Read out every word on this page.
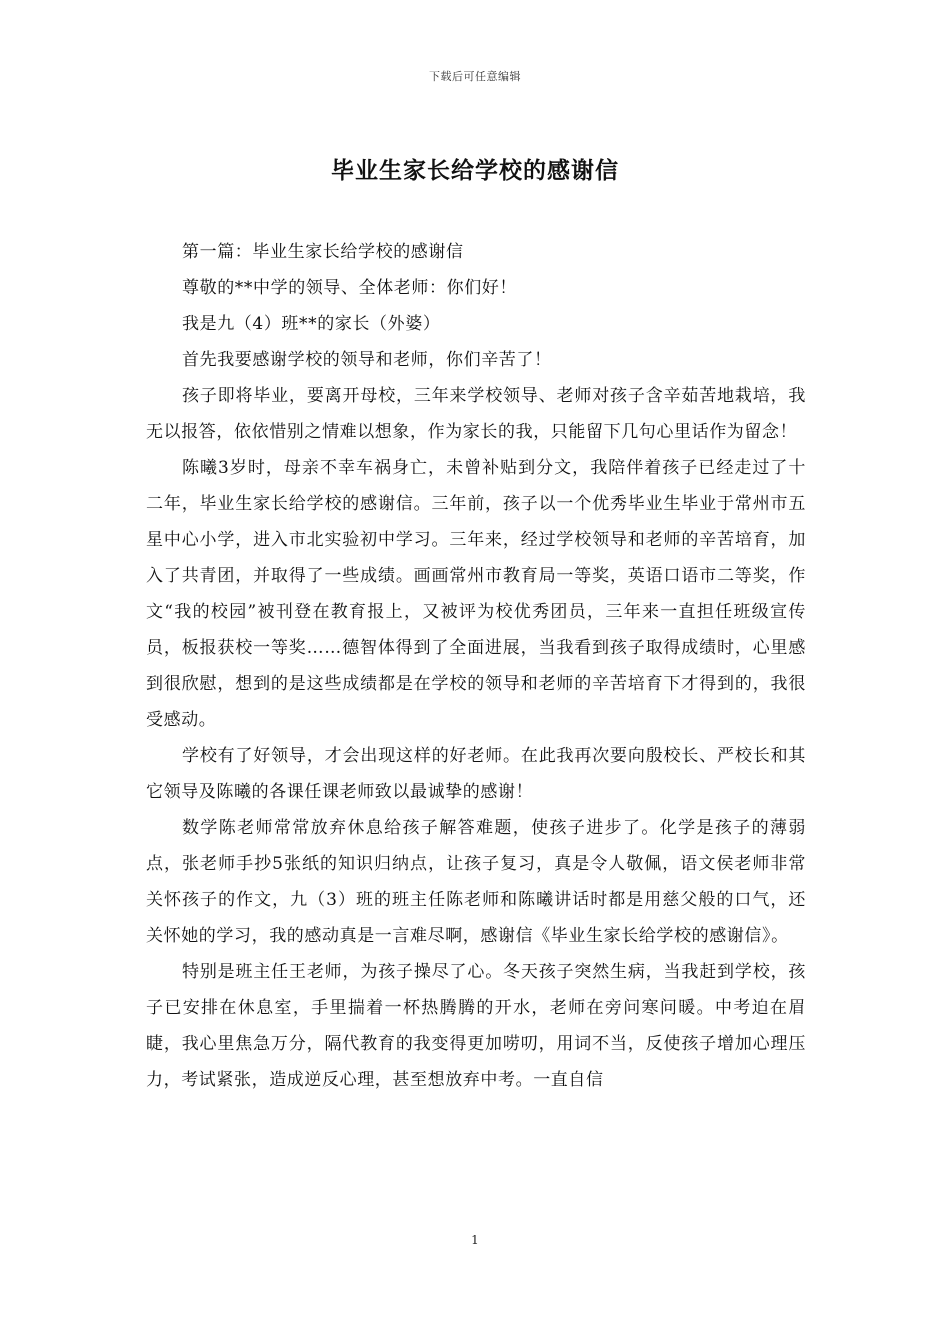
下载后可任意编辑
毕业生家长给学校的感谢信

第一篇：毕业生家长给学校的感谢信

尊敬的**中学的领导、全体老师：你们好！

我是九（4）班**的家长（外婆）

首先我要感谢学校的领导和老师，你们辛苦了！

孩子即将毕业，要离开母校，三年来学校领导、老师对孩子含辛茹苦地栽培，我无以报答，依依惜别之情难以想象，作为家长的我，只能留下几句心里话作为留念！

陈曦3岁时，母亲不幸车祸身亡，未曾补贴到分文，我陪伴着孩子已经走过了十二年，毕业生家长给学校的感谢信。三年前，孩子以一个优秀毕业生毕业于常州市五星中心小学，进入市北实验初中学习。三年来，经过学校领导和老师的辛苦培育，加入了共青团，并取得了一些成绩。画画常州市教育局一等奖，英语口语市二等奖，作文“我的校园”被刊登在教育报上，又被评为校优秀团员，三年来一直担任班级宣传员，板报获校一等奖……德智体得到了全面进展，当我看到孩子取得成绩时，心里感到很欣慰，想到的是这些成绩都是在学校的领导和老师的辛苦培育下才得到的，我很受感动。

学校有了好领导，才会出现这样的好老师。在此我再次要向殷校长、严校长和其它领导及陈曦的各课任课老师致以最诚挚的感谢！

数学陈老师常常放弃休息给孩子解答难题，使孩子进步了。化学是孩子的薄弱点，张老师手抄5张纸的知识归纳点，让孩子复习，真是令人敬佩，语文侯老师非常关怀孩子的作文，九（3）班的班主任陈老师和陈曦讲话时都是用慈父般的口气，还关怀她的学习，我的感动真是一言难尽啊，感谢信《毕业生家长给学校的感谢信》。

特别是班主任王老师，为孩子操尽了心。冬天孩子突然生病，当我赶到学校，孩子已安排在休息室，手里揣着一杯热腾腾的开水，老师在旁问寒问暖。中考迫在眉睫，我心里焦急万分，隔代教育的我变得更加唠叨，用词不当，反使孩子增加心理压力，考试紧张，造成逆反心理，甚至想放弃中考。一直自信

1
